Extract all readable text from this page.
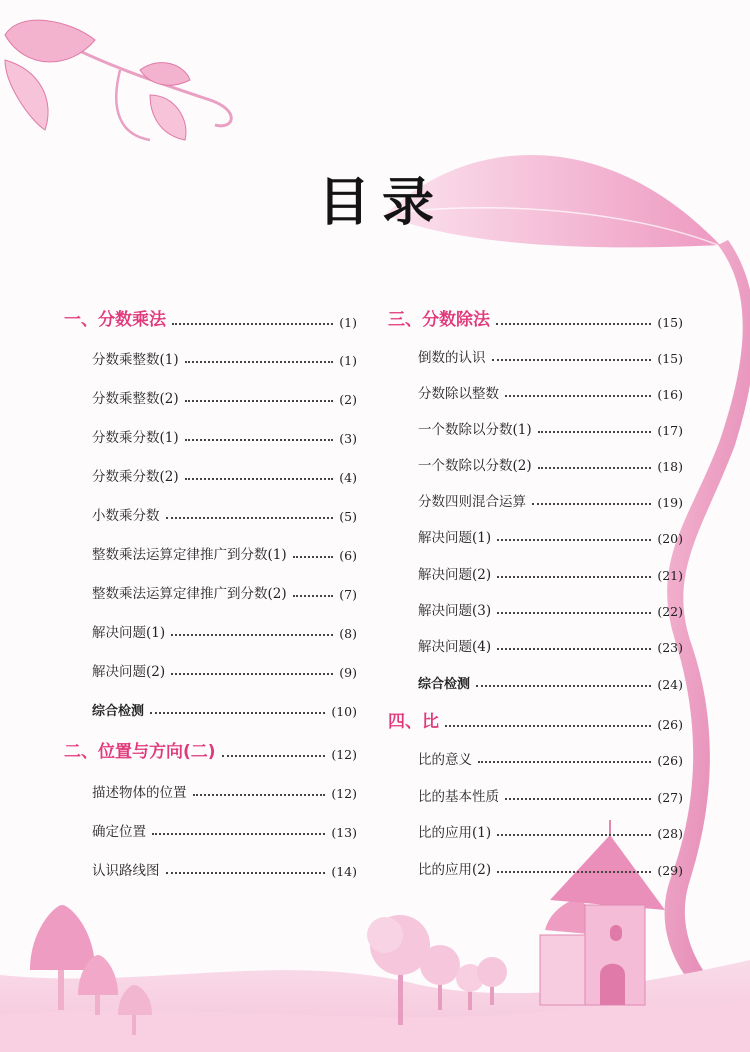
目录
一、分数乘法	(1)
分数乘整数(1)	(1)
分数乘整数(2)	(2)
分数乘分数(1)	(3)
分数乘分数(2)	(4)
小数乘分数	(5)
整数乘法运算定律推广到分数(1)	(6)
整数乘法运算定律推广到分数(2)	(7)
解决问题(1)	(8)
解决问题(2)	(9)
综合检测	(10)
二、位置与方向(二)	(12)
描述物体的位置	(12)
确定位置	(13)
认识路线图	(14)
三、分数除法	(15)
倒数的认识	(15)
分数除以整数	(16)
一个数除以分数(1)	(17)
一个数除以分数(2)	(18)
分数四则混合运算	(19)
解决问题(1)	(20)
解决问题(2)	(21)
解决问题(3)	(22)
解决问题(4)	(23)
综合检测	(24)
四、比	(26)
比的意义	(26)
比的基本性质	(27)
比的应用(1)	(28)
比的应用(2)	(29)
